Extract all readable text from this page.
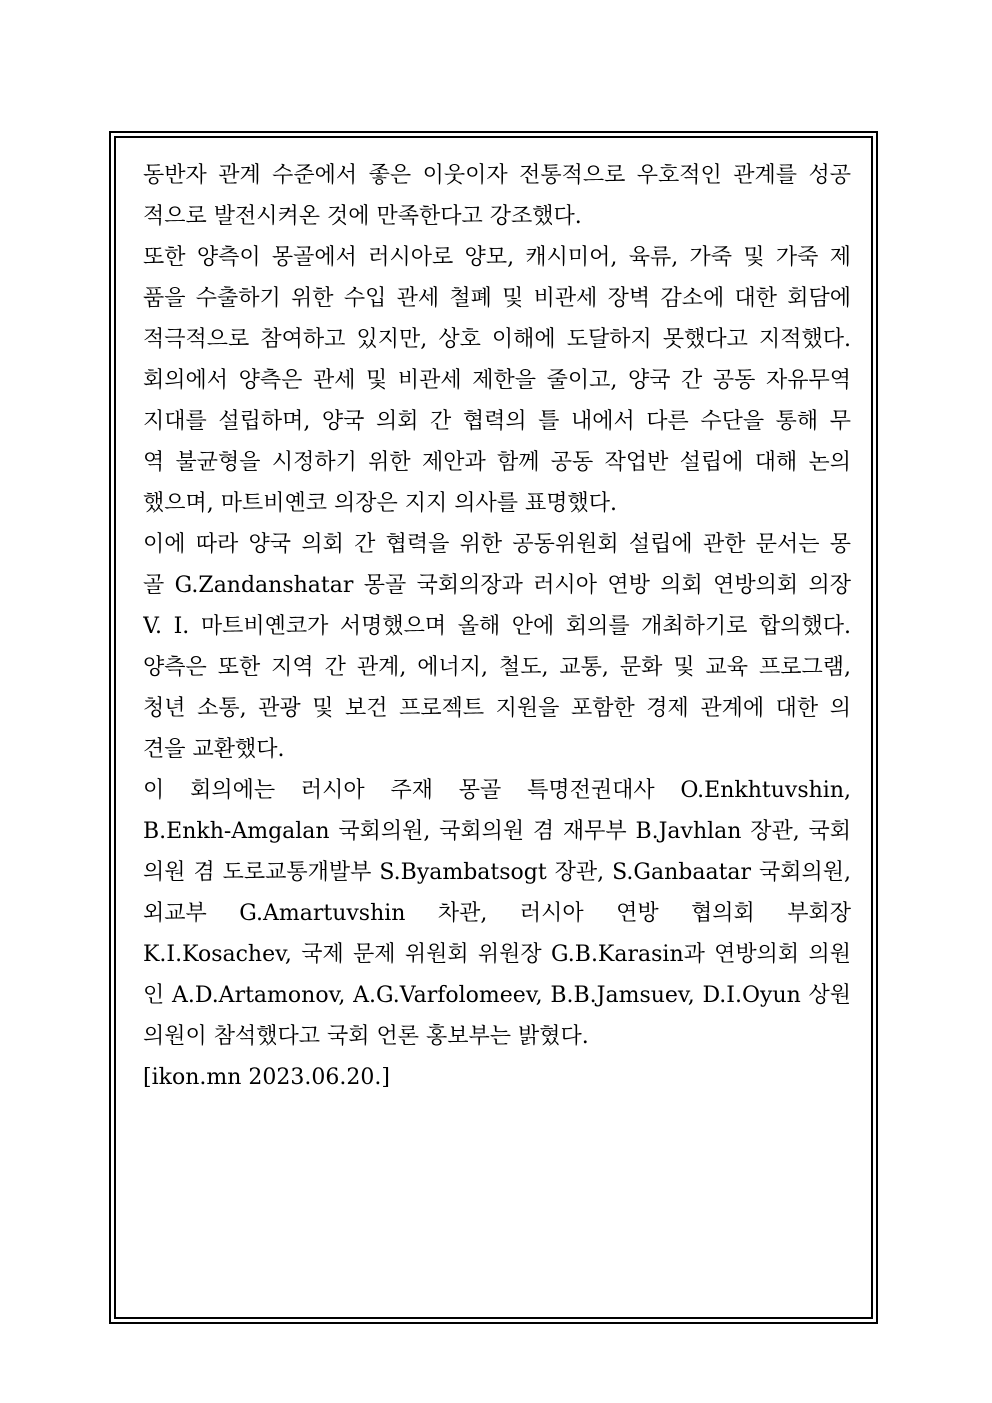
동반자 관계 수준에서 좋은 이웃이자 전통적으로 우호적인 관계를 성공
적으로 발전시켜온 것에 만족한다고 강조했다.
또한 양측이 몽골에서 러시아로 양모, 캐시미어, 육류, 가죽 및 가죽 제
품을 수출하기 위한 수입 관세 철폐 및 비관세 장벽 감소에 대한 회담에
적극적으로 참여하고 있지만, 상호 이해에 도달하지 못했다고 지적했다.
회의에서 양측은 관세 및 비관세 제한을 줄이고, 양국 간 공동 자유무역
지대를 설립하며, 양국 의회 간 협력의 틀 내에서 다른 수단을 통해 무
역 불균형을 시정하기 위한 제안과 함께 공동 작업반 설립에 대해 논의
했으며, 마트비옌코 의장은 지지 의사를 표명했다.
이에 따라 양국 의회 간 협력을 위한 공동위원회 설립에 관한 문서는 몽
골 G.Zandanshatar 몽골 국회의장과 러시아 연방 의회 연방의회 의장
V. I. 마트비옌코가 서명했으며 올해 안에 회의를 개최하기로 합의했다.
양측은 또한 지역 간 관계, 에너지, 철도, 교통, 문화 및 교육 프로그램,
청년 소통, 관광 및 보건 프로젝트 지원을 포함한 경제 관계에 대한 의
견을 교환했다.
이 회의에는 러시아 주재 몽골 특명전권대사 O.Enkhtuvshin,
B.Enkh-Amgalan 국회의원, 국회의원 겸 재무부 B.Javhlan 장관, 국회
의원 겸 도로교통개발부 S.Byambatsogt 장관, S.Ganbaatar 국회의원,
외교부 G.Amartuvshin 차관, 러시아 연방 협의회 부회장
K.I.Kosachev, 국제 문제 위원회 위원장 G.B.Karasin과 연방의회 의원
인 A.D.Artamonov, A.G.Varfolomeev, B.B.Jamsuev, D.I.Oyun 상원
의원이 참석했다고 국회 언론 홍보부는 밝혔다.
[ikon.mn 2023.06.20.]
